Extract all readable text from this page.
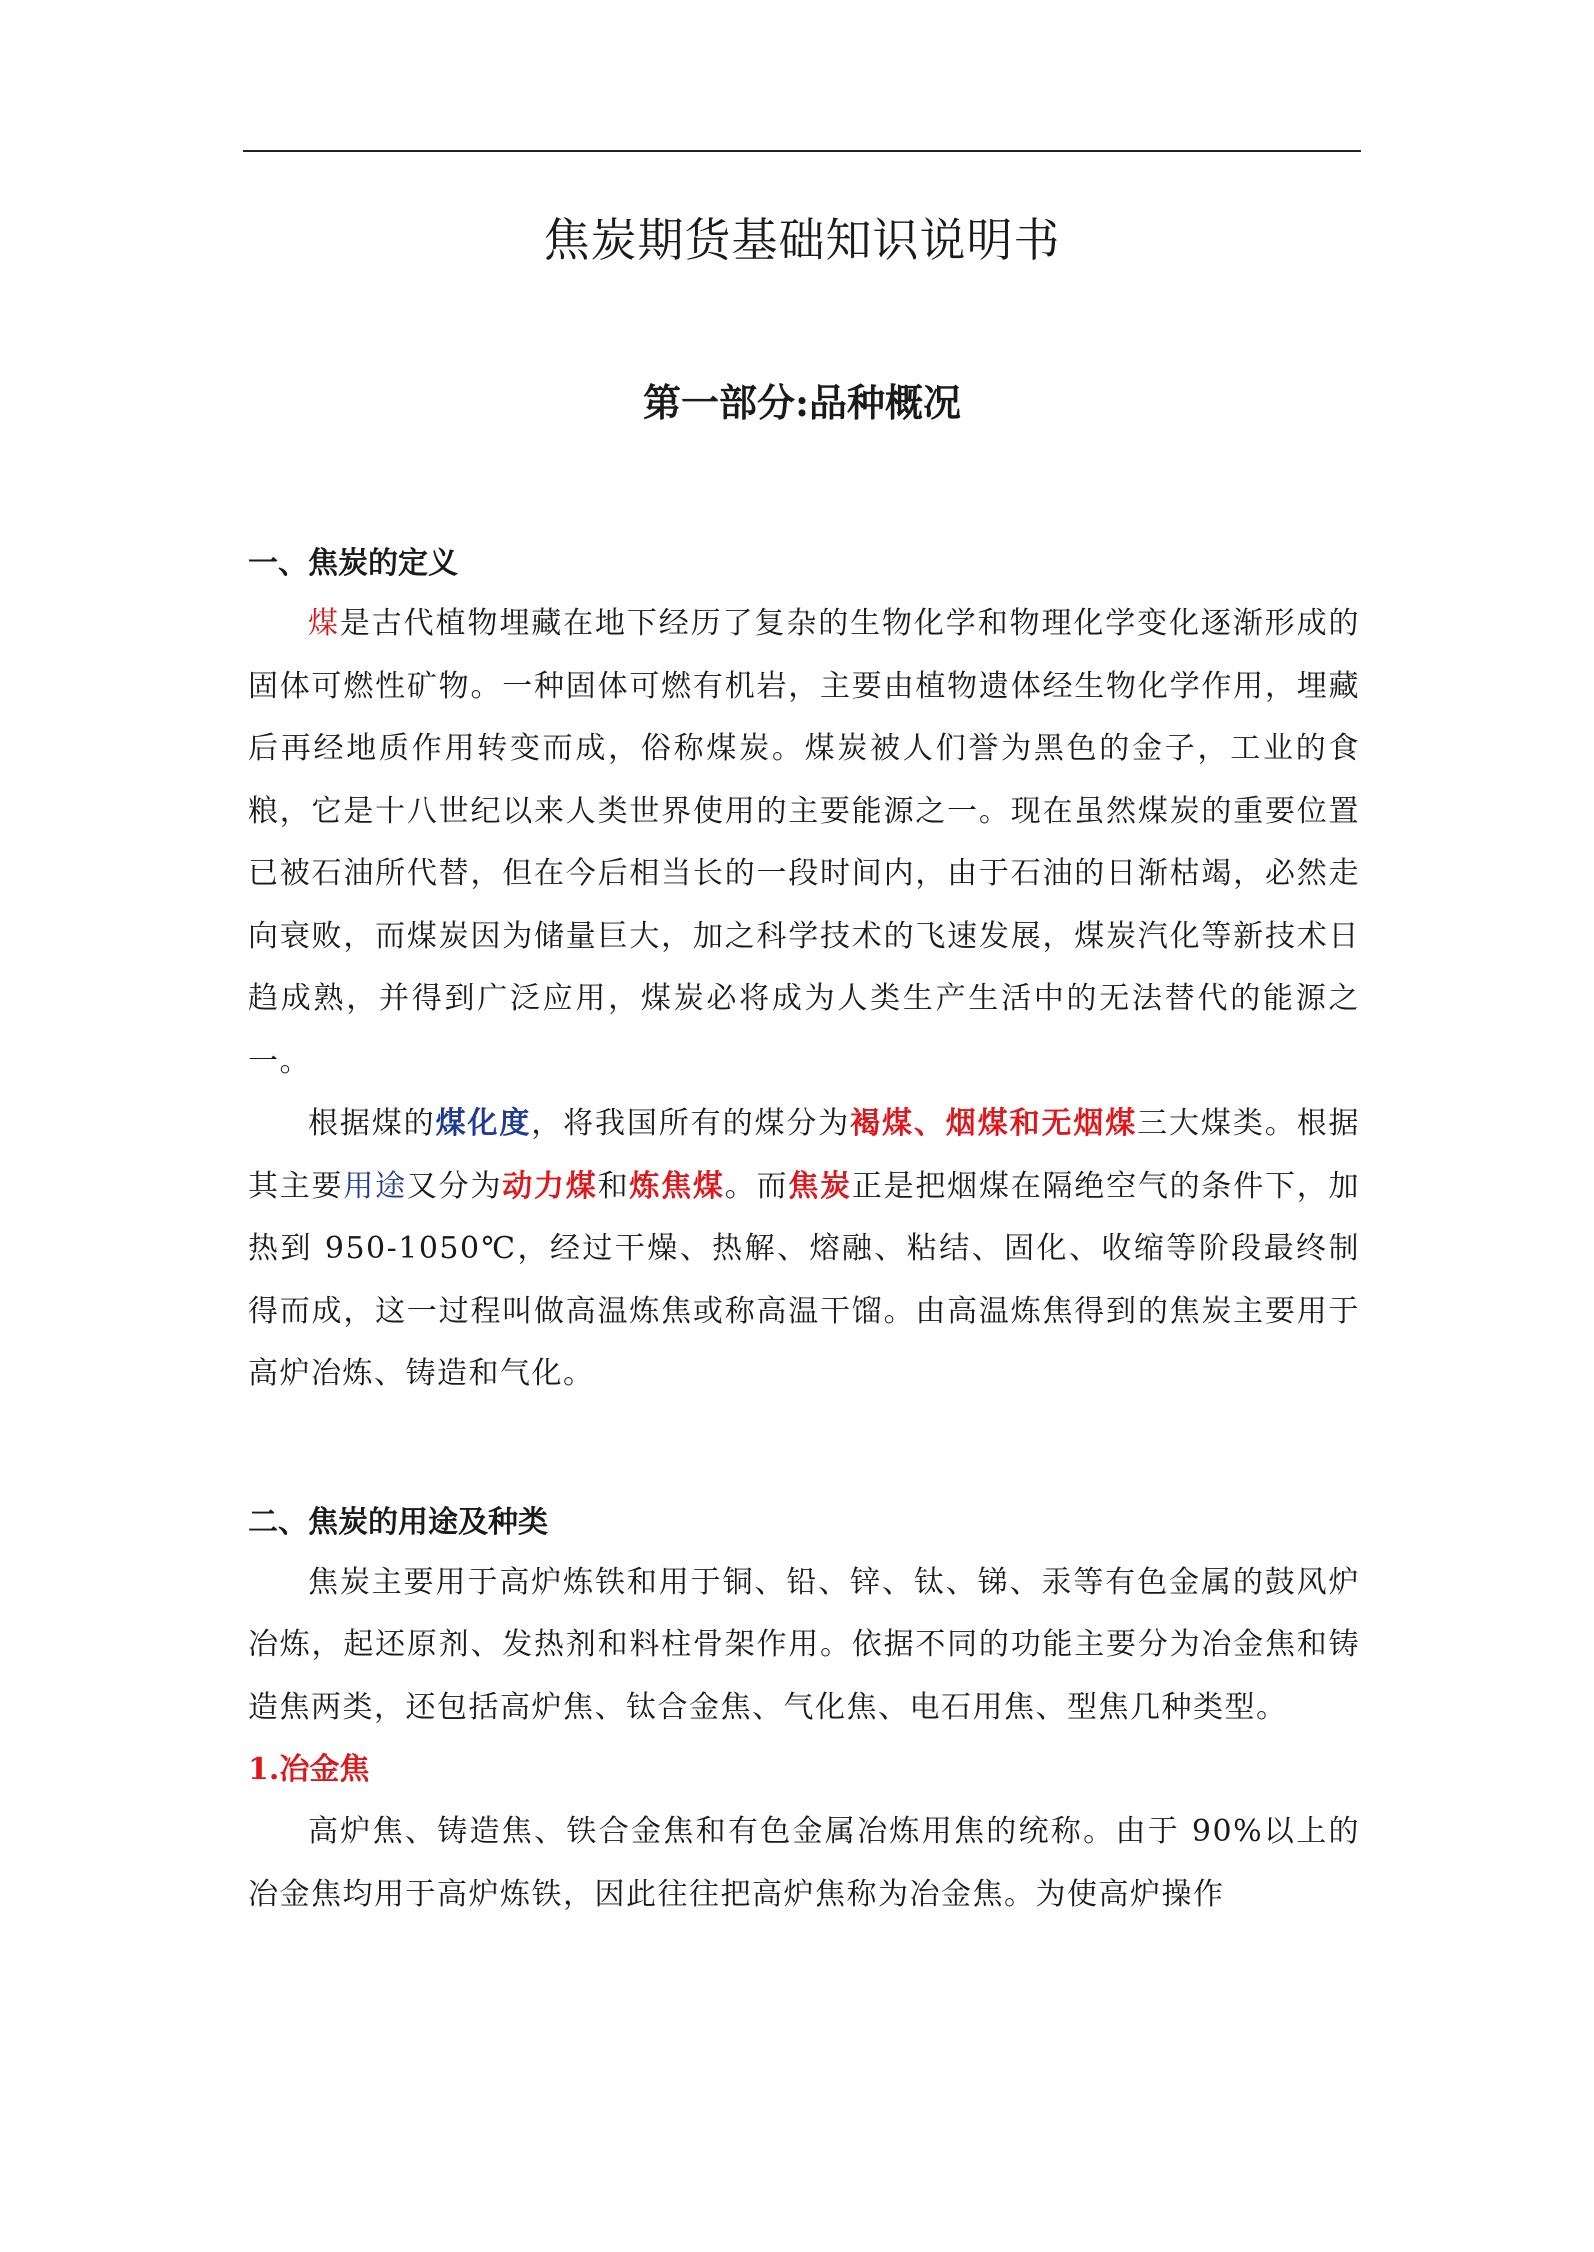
焦炭期货基础知识说明书
第一部分:品种概况
一、焦炭的定义

煤是古代植物埋藏在地下经历了复杂的生物化学和物理化学变化逐渐形成的固体可燃性矿物。一种固体可燃有机岩，主要由植物遗体经生物化学作用，埋藏后再经地质作用转变而成，俗称煤炭。煤炭被人们誉为黑色的金子，工业的食粮，它是十八世纪以来人类世界使用的主要能源之一。现在虽然煤炭的重要位置已被石油所代替，但在今后相当长的一段时间内，由于石油的日渐枯竭，必然走向衰败，而煤炭因为储量巨大，加之科学技术的飞速发展，煤炭汽化等新技术日趋成熟，并得到广泛应用，煤炭必将成为人类生产生活中的无法替代的能源之一。

根据煤的煤化度，将我国所有的煤分为褐煤、烟煤和无烟煤三大煤类。根据其主要用途又分为动力煤和炼焦煤。而焦炭正是把烟煤在隔绝空气的条件下，加热到 950-1050℃，经过干燥、热解、熔融、粘结、固化、收缩等阶段最终制得而成，这一过程叫做高温炼焦或称高温干馏。由高温炼焦得到的焦炭主要用于高炉冶炼、铸造和气化。

二、焦炭的用途及种类

焦炭主要用于高炉炼铁和用于铜、铅、锌、钛、锑、汞等有色金属的鼓风炉冶炼，起还原剂、发热剂和料柱骨架作用。依据不同的功能主要分为冶金焦和铸造焦两类，还包括高炉焦、钛合金焦、气化焦、电石用焦、型焦几种类型。

1.冶金焦

高炉焦、铸造焦、铁合金焦和有色金属冶炼用焦的统称。由于 90%以上的冶金焦均用于高炉炼铁，因此往往把高炉焦称为冶金焦。为使高炉操作
